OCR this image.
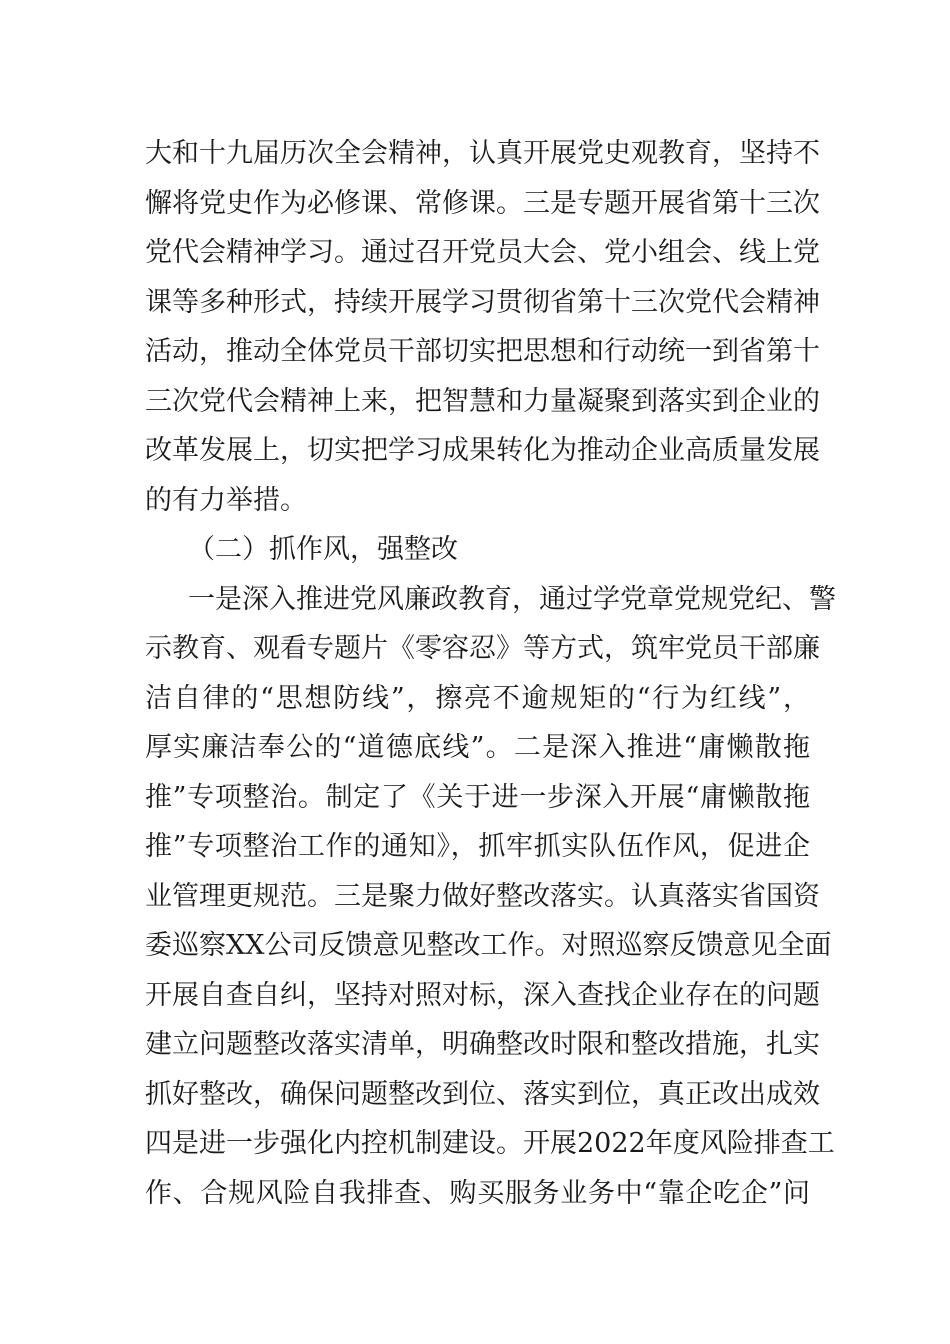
大和十九届历次全会精神，认真开展党史观教育，坚持不
懈将党史作为必修课、常修课。三是专题开展省第十三次
党代会精神学习。通过召开党员大会、党小组会、线上党
课等多种形式，持续开展学习贯彻省第十三次党代会精神
活动，推动全体党员干部切实把思想和行动统一到省第十
三次党代会精神上来，把智慧和力量凝聚到落实到企业的
改革发展上，切实把学习成果转化为推动企业高质量发展
的有力举措。
（二）抓作风，强整改
一是深入推进党风廉政教育，通过学党章党规党纪、警
示教育、观看专题片《零容忍》等方式，筑牢党员干部廉
洁自律的“思想防线”，擦亮不逾规矩的“行为红线”，
厚实廉洁奉公的“道德底线”。二是深入推进“庸懒散拖
推”专项整治。制定了《关于进一步深入开展“庸懒散拖
推”专项整治工作的通知》，抓牢抓实队伍作风，促进企
业管理更规范。三是聚力做好整改落实。认真落实省国资
委巡察XX公司反馈意见整改工作。对照巡察反馈意见全面
开展自查自纠，坚持对照对标，深入查找企业存在的问题
建立问题整改落实清单，明确整改时限和整改措施，扎实
抓好整改，确保问题整改到位、落实到位，真正改出成效
四是进一步强化内控机制建设。开展2022年度风险排查工
作、合规风险自我排查、购买服务业务中“靠企吃企”问
